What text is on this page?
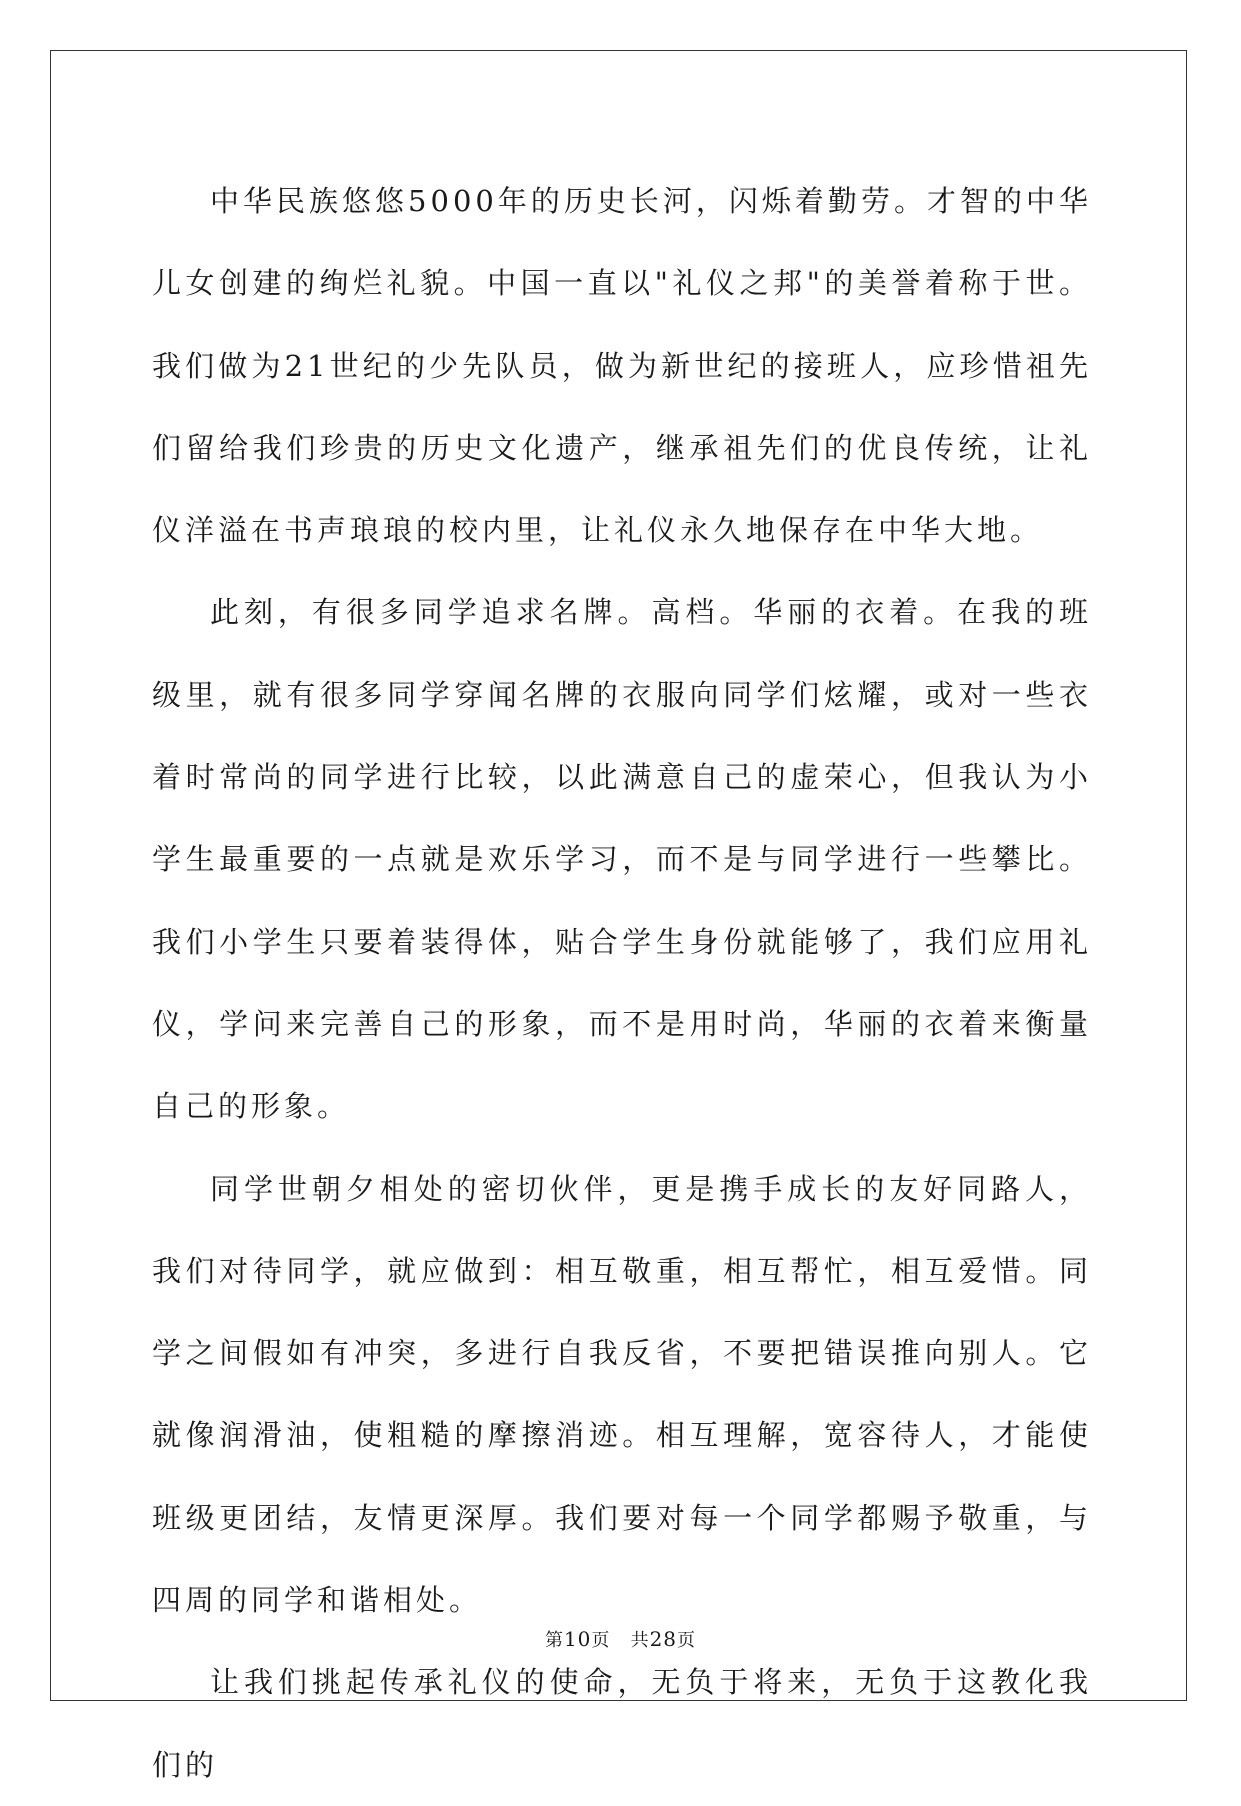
中华民族悠悠5000年的历史长河，闪烁着勤劳。才智的中华儿女创建的绚烂礼貌。中国一直以"礼仪之邦"的美誉着称于世。我们做为21世纪的少先队员，做为新世纪的接班人，应珍惜祖先们留给我们珍贵的历史文化遗产，继承祖先们的优良传统，让礼仪洋溢在书声琅琅的校内里，让礼仪永久地保存在中华大地。

此刻，有很多同学追求名牌。高档。华丽的衣着。在我的班级里，就有很多同学穿闻名牌的衣服向同学们炫耀，或对一些衣着时常尚的同学进行比较，以此满意自己的虚荣心，但我认为小学生最重要的一点就是欢乐学习，而不是与同学进行一些攀比。我们小学生只要着装得体，贴合学生身份就能够了，我们应用礼仪，学问来完善自己的形象，而不是用时尚，华丽的衣着来衡量自己的形象。

同学世朝夕相处的密切伙伴，更是携手成长的友好同路人，我们对待同学，就应做到：相互敬重，相互帮忙，相互爱惜。同学之间假如有冲突，多进行自我反省，不要把错误推向别人。它就像润滑油，使粗糙的摩擦消迹。相互理解，宽容待人，才能使班级更团结，友情更深厚。我们要对每一个同学都赐予敬重，与四周的同学和谐相处。

让我们挑起传承礼仪的使命，无负于将来，无负于这教化我们的

第10页 共28页
